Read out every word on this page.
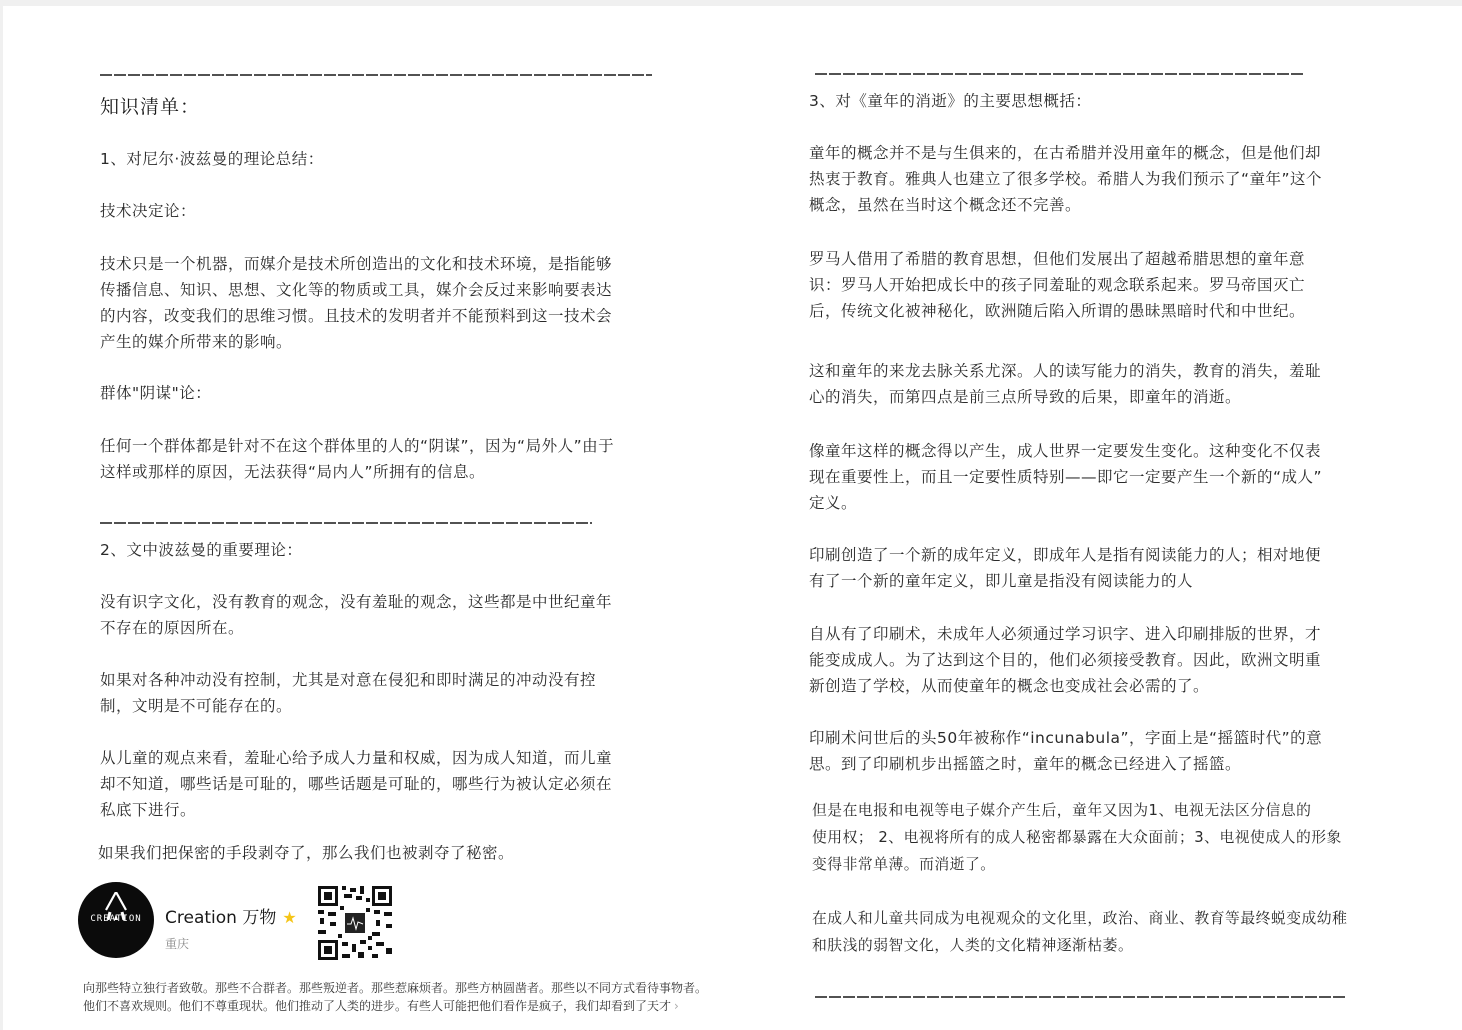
知识清单：
1、对尼尔·波兹曼的理论总结：
技术决定论：
技术只是一个机器，而媒介是技术所创造出的文化和技术环境，是指能够
传播信息、知识、思想、文化等的物质或工具，媒介会反过来影响要表达
的内容，改变我们的思维习惯。且技术的发明者并不能预料到这一技术会
产生的媒介所带来的影响。
群体"阴谋"论：
任何一个群体都是针对不在这个群体里的人的“阴谋”，因为“局外人”由于
这样或那样的原因，无法获得“局内人”所拥有的信息。
2、文中波兹曼的重要理论：
没有识字文化，没有教育的观念，没有羞耻的观念，这些都是中世纪童年
不存在的原因所在。
如果对各种冲动没有控制，尤其是对意在侵犯和即时满足的冲动没有控
制，文明是不可能存在的。
从儿童的观点来看，羞耻心给予成人力量和权威，因为成人知道，而儿童
却不知道，哪些话是可耻的，哪些话题是可耻的，哪些行为被认定必须在
私底下进行。
如果我们把保密的手段剥夺了，那么我们也被剥夺了秘密。
CREATION	Creation 万物 ★
重庆
向那些特立独行者致敬。那些不合群者。那些叛逆者。那些惹麻烦者。那些方枘圆凿者。那些以不同方式看待事物者。
他们不喜欢规则。他们不尊重现状。他们推动了人类的进步。有些人可能把他们看作是疯子，我们却看到了天才 ›
3、对《童年的消逝》的主要思想概括：
童年的概念并不是与生俱来的，在古希腊并没用童年的概念，但是他们却
热衷于教育。雅典人也建立了很多学校。希腊人为我们预示了“童年”这个
概念，虽然在当时这个概念还不完善。
罗马人借用了希腊的教育思想，但他们发展出了超越希腊思想的童年意
识：罗马人开始把成长中的孩子同羞耻的观念联系起来。罗马帝国灭亡
后，传统文化被神秘化，欧洲随后陷入所谓的愚昧黑暗时代和中世纪。
这和童年的来龙去脉关系尤深。人的读写能力的消失，教育的消失，羞耻
心的消失，而第四点是前三点所导致的后果，即童年的消逝。
像童年这样的概念得以产生，成人世界一定要发生变化。这种变化不仅表
现在重要性上，而且一定要性质特别——即它一定要产生一个新的“成人”
定义。
印刷创造了一个新的成年定义，即成年人是指有阅读能力的人；相对地便
有了一个新的童年定义，即儿童是指没有阅读能力的人
自从有了印刷术，未成年人必须通过学习识字、进入印刷排版的世界，才
能变成成人。为了达到这个目的，他们必须接受教育。因此，欧洲文明重
新创造了学校，从而使童年的概念也变成社会必需的了。
印刷术问世后的头50年被称作“incunabula”，字面上是“摇篮时代”的意
思。到了印刷机步出摇篮之时，童年的概念已经进入了摇篮。
但是在电报和电视等电子媒介产生后，童年又因为1、电视无法区分信息的
使用权； 2、电视将所有的成人秘密都暴露在大众面前；3、电视使成人的形象
变得非常单薄。而消逝了。
在成人和儿童共同成为电视观众的文化里，政治、商业、教育等最终蜕变成幼稚
和肤浅的弱智文化，人类的文化精神逐渐枯萎。
